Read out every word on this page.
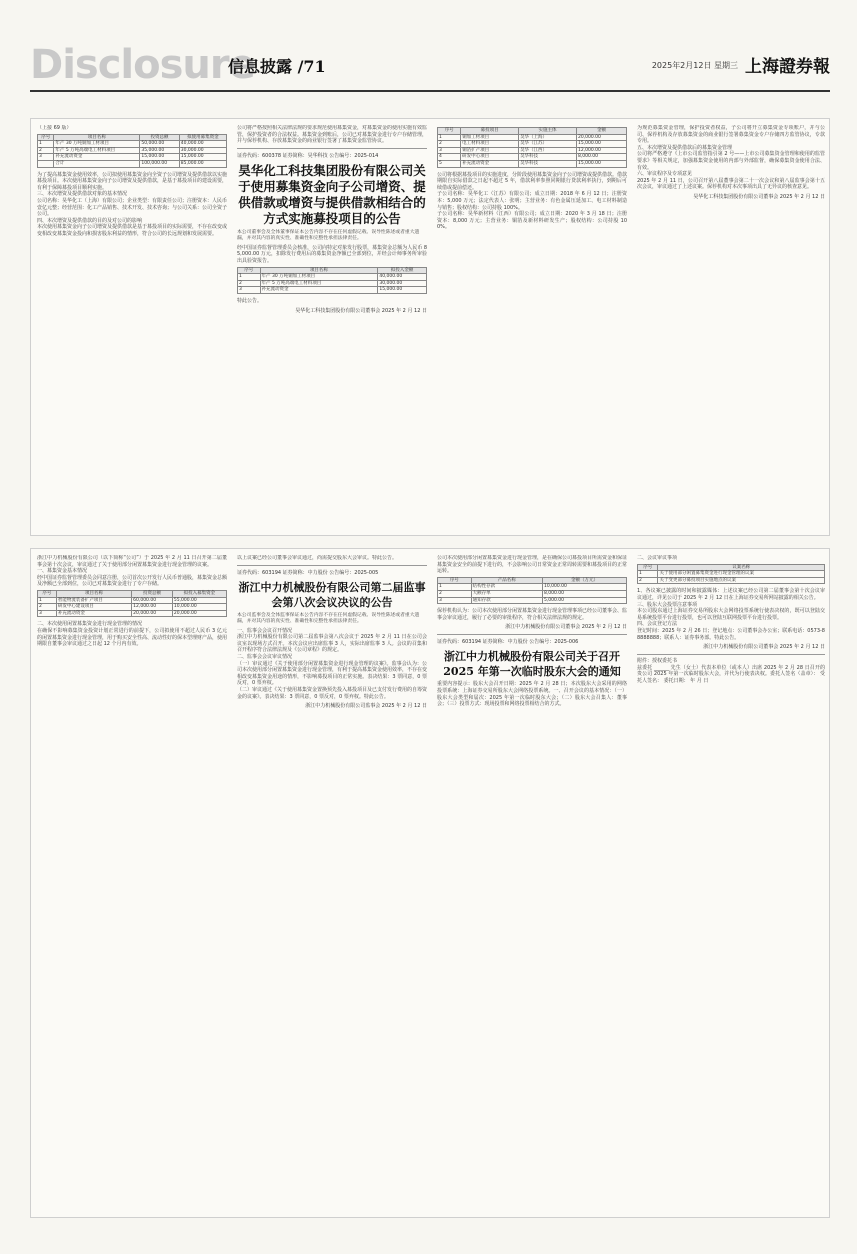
Disclosure
信息披露 /71	2025年2月12日 星期三 上海證券報
（上接 69 版）
序号	项目名称	投资总额	拟使用募集资金
1	年产 30 万吨铜加工材项目	50,000.00	40,000.00
2	年产 5 万吨高端电工材料项目	35,000.00	30,000.00
3	补充流动资金	15,000.00	15,000.00
	合计	100,000.00	85,000.00

为了提高募集资金使用效率，公司拟使用募集资金向全资子公司增资及提供借款以实施募投项目。本次使用募集资金向子公司增资及提供借款，是基于募投项目的建设需要，有利于保障募投项目顺利实施。

三、本次增资及提供借款对象的基本情况

公司名称：昊华化工（上海）有限公司；企业类型：有限责任公司；注册资本：人民币壹亿元整；经营范围：化工产品销售、技术开发、技术咨询；与公司关系：公司全资子公司。

四、本次增资及提供借款的目的及对公司的影响

本次使用募集资金向子公司增资及提供借款是基于募投项目的实际需要，不存在改变或变相改变募集资金投向和损害股东利益的情形，符合公司的长远规划和发展需要。

公司将严格按照相关法律法规的要求规范使用募集资金，对募集资金的使用实施有效监管，保护投资者的合法权益。募集资金到账后，公司已对募集资金进行专户存储管理，并与保荐机构、存放募集资金的商业银行签署了募集资金监管协议。

证券代码：600378 证券简称：昊华科技 公告编号：2025-014
昊华化工科技集团股份有限公司关于使用募集资金向子公司增资、提供借款或增资与提供借款相结合的方式实施募投项目的公告

本公司董事会及全体董事保证本公告内容不存在任何虚假记载、误导性陈述或者重大遗漏，并对其内容的真实性、准确性和完整性承担法律责任。

经中国证券监督管理委员会核准，公司向特定对象发行股票，募集资金总额为人民币 85,000.00 万元，扣除发行费用后的募集资金净额已全部到位，并经会计师事务所审验出具验资报告。

序号	项目名称	拟投入金额
1	年产 30 万吨铜加工材项目	40,000.00
2	年产 5 万吨高端电工材料项目	30,000.00
3	补充流动资金	15,000.00

特此公告。

昊华化工科技集团股份有限公司董事会 2025 年 2 月 12 日
序号	募投项目	实施主体	金额
1	铜加工材项目	昊华（上海）	20,000.00
2	电工材料项目	昊华（江苏）	15,000.00
3	铜箔扩产项目	昊华（江西）	12,000.00
4	研发中心项目	昊华科技	8,000.00
5	补充流动资金	昊华科技	15,000.00

公司将根据募投项目的实施进度，分阶段使用募集资金向子公司增资或提供借款。借款期限自实际借款之日起不超过 5 年，借款利率参照同期银行贷款利率执行，到期后可续借或提前偿还。

子公司名称：昊华化工（江苏）有限公司；成立日期：2018 年 6 月 12 日；注册资本：5,000 万元；法定代表人：张明；主营业务：有色金属压延加工、电工材料制造与销售；股权结构：公司持股 100%。

子公司名称：昊华新材料（江西）有限公司；成立日期：2020 年 3 月 18 日；注册资本：8,000 万元；主营业务：铜箔及新材料研发生产；股权结构：公司持股 100%。

为规范募集资金管理，保护投资者权益，子公司将开立募集资金专项账户，并与公司、保荐机构及存放募集资金的商业银行签署募集资金专户存储四方监管协议，专款专用。

五、本次增资及提供借款后的募集资金管理

公司将严格遵守《上市公司监管指引第 2 号——上市公司募集资金管理和使用的监管要求》等相关规定，加强募集资金使用的内部与外部监督，确保募集资金使用合法、有效。

六、审议程序及专项意见

2025 年 2 月 11 日，公司召开第八届董事会第二十一次会议和第八届监事会第十五次会议，审议通过了上述议案。保荐机构对本次事项出具了无异议的核查意见。

昊华化工科技集团股份有限公司董事会 2025 年 2 月 12 日

浙江中力机械股份有限公司（以下简称“公司”）于 2025 年 2 月 11 日召开第二届董事会第十次会议，审议通过了关于使用部分闲置募集资金进行现金管理的议案。

一、募集资金基本情况

经中国证券监督管理委员会同意注册，公司首次公开发行人民币普通股，募集资金总额及净额已全部到位，公司已对募集资金进行了专户存储。

序号	项目名称	投资总额	拟投入募集资金
1	智能物流装备扩产项目	60,000.00	55,000.00
2	研发中心建设项目	12,000.00	10,000.00
3	补充流动资金	20,000.00	20,000.00

二、本次使用闲置募集资金进行现金管理的情况

在确保不影响募集资金投资计划正常进行的前提下，公司拟使用不超过人民币 3 亿元的闲置募集资金进行现金管理，用于购买安全性高、流动性好的保本型理财产品，使用期限自董事会审议通过之日起 12 个月内有效。

以上议案已经公司董事会审议通过，尚需提交股东大会审议。特此公告。

证券代码：603194 证券简称：中力股份 公告编号：2025-005
浙江中力机械股份有限公司第二届监事会第八次会议决议的公告

本公司监事会及全体监事保证本公告内容不存在任何虚假记载、误导性陈述或者重大遗漏，并对其内容的真实性、准确性和完整性承担法律责任。

一、监事会会议召开情况

浙江中力机械股份有限公司第二届监事会第八次会议于 2025 年 2 月 11 日在公司会议室以现场方式召开。本次会议应出席监事 3 人，实际出席监事 3 人。会议的召集和召开程序符合法律法规及《公司章程》的规定。

二、监事会会议审议情况

（一）审议通过《关于使用部分闲置募集资金进行现金管理的议案》。监事会认为：公司本次使用部分闲置募集资金进行现金管理，有利于提高募集资金使用效率，不存在变相改变募集资金用途的情形，不影响募投项目的正常实施。表决结果：3 票同意，0 票反对，0 票弃权。

（二）审议通过《关于使用募集资金置换预先投入募投项目及已支付发行费用的自筹资金的议案》。表决结果：3 票同意，0 票反对，0 票弃权。特此公告。

浙江中力机械股份有限公司监事会 2025 年 2 月 12 日

公司本次使用部分闲置募集资金进行现金管理，是在确保公司募投项目所需资金和保证募集资金安全的前提下进行的，不会影响公司日常资金正常周转需要和募投项目的正常运转。

序号	产品名称	金额（万元）
1	结构性存款	10,000.00
2	大额存单	8,000.00
3	通知存款	5,000.00

保荐机构认为：公司本次使用部分闲置募集资金进行现金管理事项已经公司董事会、监事会审议通过，履行了必要的审批程序，符合相关法律法规的规定。

浙江中力机械股份有限公司董事会 2025 年 2 月 12 日
证券代码：603194 证券简称：中力股份 公告编号：2025-006
浙江中力机械股份有限公司关于召开 2025 年第一次临时股东大会的通知

重要内容提示：股东大会召开日期：2025 年 2 月 28 日；本次股东大会采用的网络投票系统：上海证券交易所股东大会网络投票系统。一、召开会议的基本情况：（一）股东大会类型和届次：2025 年第一次临时股东大会；（二）股东大会召集人：董事会；（三）投票方式：现场投票和网络投票相结合的方式。

二、会议审议事项

序号	议案名称
1	关于使用部分闲置募集资金进行现金管理的议案
2	关于变更部分募投项目实施地点的议案

1、各议案已披露的时间和披露媒体：上述议案已经公司第二届董事会第十次会议审议通过，详见公司于 2025 年 2 月 12 日在上海证券交易所网站披露的相关公告。

三、股东大会投票注意事项

本公司股东通过上海证券交易所股东大会网络投票系统行使表决权的，既可以登陆交易系统投票平台进行投票，也可以登陆互联网投票平台进行投票。

四、会议登记方法

登记时间：2025 年 2 月 26 日；登记地点：公司董事会办公室；联系电话：0573-88888888；联系人：证券事务部。特此公告。

浙江中力机械股份有限公司董事会 2025 年 2 月 12 日

附件：授权委托书

兹委托 ______ 先生（女士）代表本单位（或本人）出席 2025 年 2 月 28 日召开的贵公司 2025 年第一次临时股东大会，并代为行使表决权。委托人签名（盖章）： 受托人签名： 委托日期： 年 月 日
